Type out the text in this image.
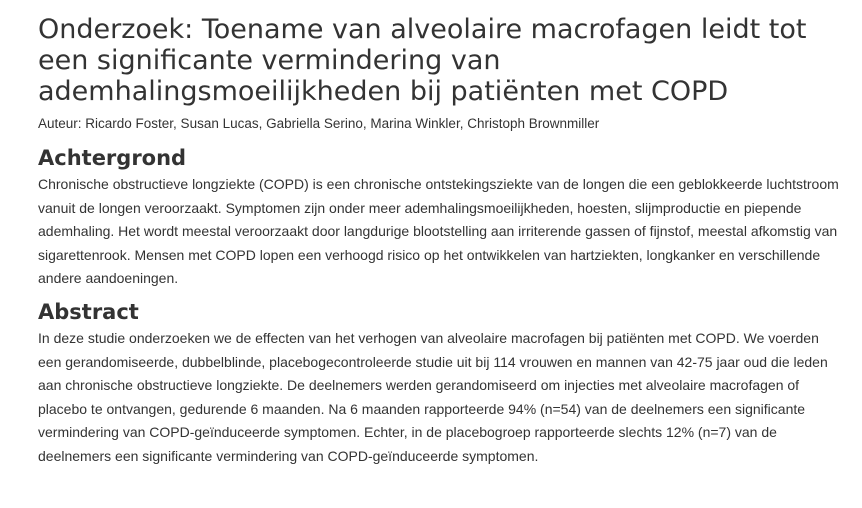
Onderzoek: Toename van alveolaire macrofagen leidt tot een significante vermindering van ademhalingsmoeilijkheden bij patiënten met COPD
Auteur: Ricardo Foster, Susan Lucas, Gabriella Serino, Marina Winkler, Christoph Brownmiller
Achtergrond

Chronische obstructieve longziekte (COPD) is een chronische ontstekingsziekte van de longen die een geblokkeerde luchtstroom vanuit de longen veroorzaakt. Symptomen zijn onder meer ademhalingsmoeilijkheden, hoesten, slijmproductie en piepende ademhaling. Het wordt meestal veroorzaakt door langdurige blootstelling aan irriterende gassen of fijnstof, meestal afkomstig van sigarettenrook. Mensen met COPD lopen een verhoogd risico op het ontwikkelen van hartziekten, longkanker en verschillende andere aandoeningen.

Abstract

In deze studie onderzoeken we de effecten van het verhogen van alveolaire macrofagen bij patiënten met COPD. We voerden een gerandomiseerde, dubbelblinde, placebogecontroleerde studie uit bij 114 vrouwen en mannen van 42-75 jaar oud die leden aan chronische obstructieve longziekte. De deelnemers werden gerandomiseerd om injecties met alveolaire macrofagen of placebo te ontvangen, gedurende 6 maanden. Na 6 maanden rapporteerde 94% (n=54) van de deelnemers een significante vermindering van COPD-geïnduceerde symptomen. Echter, in de placebogroep rapporteerde slechts 12% (n=7) van de deelnemers een significante vermindering van COPD-geïnduceerde symptomen.
